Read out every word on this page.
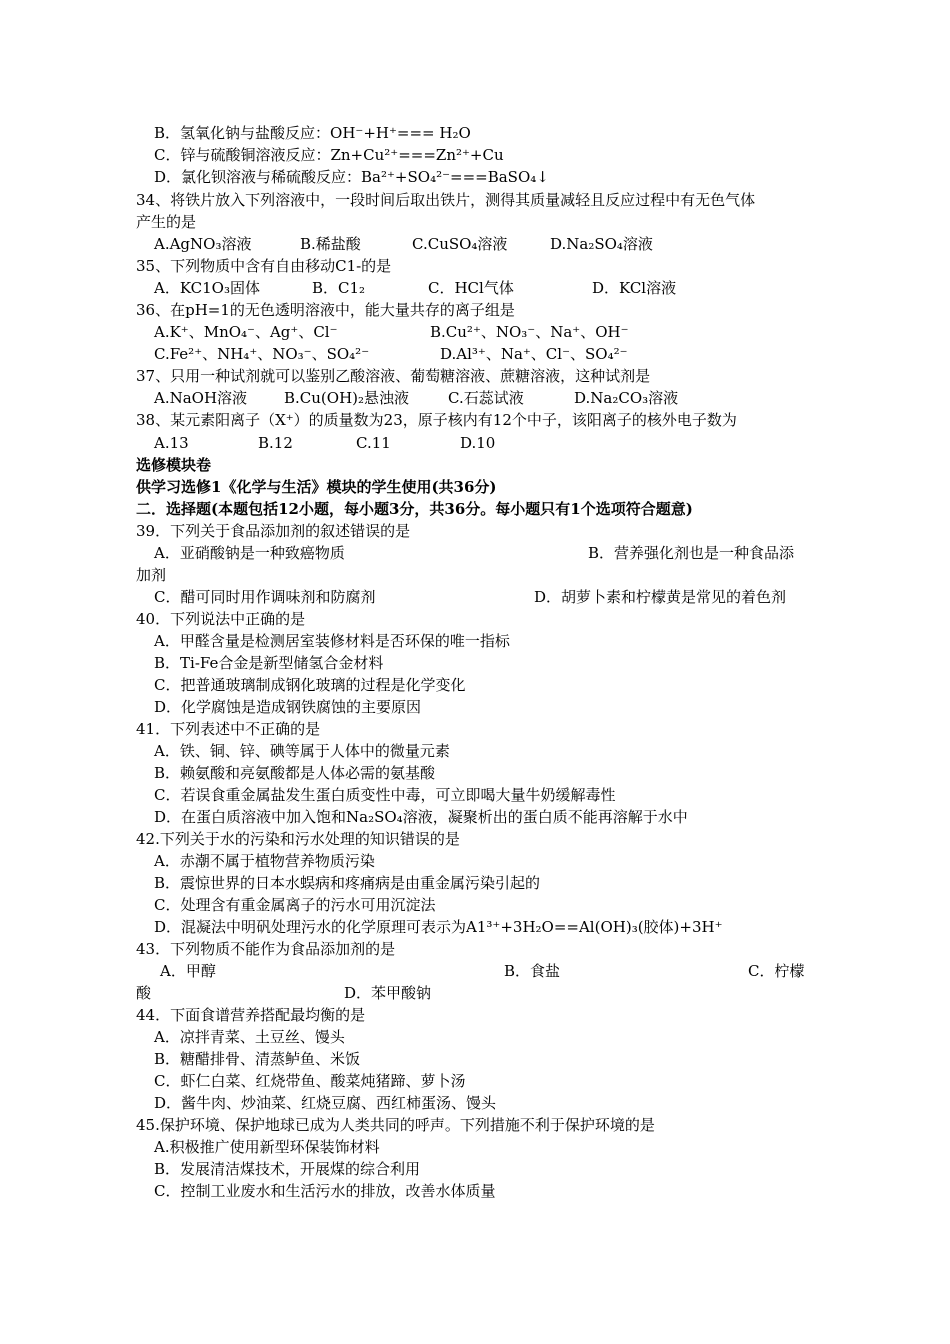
B．氢氧化钠与盐酸反应：OH⁻+H⁺=== H₂O
C．锌与硫酸铜溶液反应：Zn+Cu²⁺===Zn²⁺+Cu
D．氯化钡溶液与稀硫酸反应：Ba²⁺+SO₄²⁻===BaSO₄↓
34、将铁片放入下列溶液中，一段时间后取出铁片，测得其质量减轻且反应过程中有无色气体
产生的是
A.AgNO₃溶液	B.稀盐酸	C.CuSO₄溶液	D.Na₂SO₄溶液
35、下列物质中含有自由移动C1-的是
A．KC1O₃固体	B．C1₂	C．HCl气体	D．KCl溶液
36、在pH=1的无色透明溶液中，能大量共存的离子组是
A.K⁺、MnO₄⁻、Ag⁺、Cl⁻	B.Cu²⁺、NO₃⁻、Na⁺、OH⁻
C.Fe²⁺、NH₄⁺、NO₃⁻、SO₄²⁻	D.Al³⁺、Na⁺、Cl⁻、SO₄²⁻
37、只用一种试剂就可以鉴别乙酸溶液、葡萄糖溶液、蔗糖溶液，这种试剂是
A.NaOH溶液 B.Cu(OH)₂悬浊液	C.石蕊试液	D.Na₂CO₃溶液
38、某元素阳离子（X⁺）的质量数为23，原子核内有12个中子，该阳离子的核外电子数为
A.13	B.12	C.11	D.10
选修模块卷
供学习选修1《化学与生活》模块的学生使用(共36分)
二．选择题(本题包括12小题，每小题3分，共36分。每小题只有1个选项符合题意)
39．下列关于食品添加剂的叙述错误的是
A．亚硝酸钠是一种致癌物质	B．营养强化剂也是一种食品添
加剂
C．醋可同时用作调味剂和防腐剂	D．胡萝卜素和柠檬黄是常见的着色剂
40．下列说法中正确的是
A．甲醛含量是检测居室装修材料是否环保的唯一指标
B．Ti-Fe合金是新型储氢合金材料
C．把普通玻璃制成钢化玻璃的过程是化学变化
D．化学腐蚀是造成钢铁腐蚀的主要原因
41．下列表述中不正确的是
A．铁、铜、锌、碘等属于人体中的微量元素
B．赖氨酸和亮氨酸都是人体必需的氨基酸
C．若误食重金属盐发生蛋白质变性中毒，可立即喝大量牛奶缓解毒性
D．在蛋白质溶液中加入饱和Na₂SO₄溶液，凝聚析出的蛋白质不能再溶解于水中
42.下列关于水的污染和污水处理的知识错误的是
A．赤潮不属于植物营养物质污染
B．震惊世界的日本水蜈病和疼痛病是由重金属污染引起的
C．处理含有重金属离子的污水可用沉淀法
D．混凝法中明矾处理污水的化学原理可表示为A1³⁺+3H₂O==Al(OH)₃(胶体)+3H⁺
43．下列物质不能作为食品添加剂的是
A．甲醇	B．食盐	C．柠檬
酸	D．苯甲酸钠
44．下面食谱营养搭配最均衡的是
A．凉拌青菜、土豆丝、馒头
B．糖醋排骨、清蒸鲈鱼、米饭
C．虾仁白菜、红烧带鱼、酸菜炖猪蹄、萝卜汤
D．酱牛肉、炒油菜、红烧豆腐、西红柿蛋汤、馒头
45.保护环境、保护地球已成为人类共同的呼声。下列措施不利于保护环境的是
A.积极推广使用新型环保装饰材料
B．发展清洁煤技术，开展煤的综合利用
C．控制工业废水和生活污水的排放，改善水体质量
